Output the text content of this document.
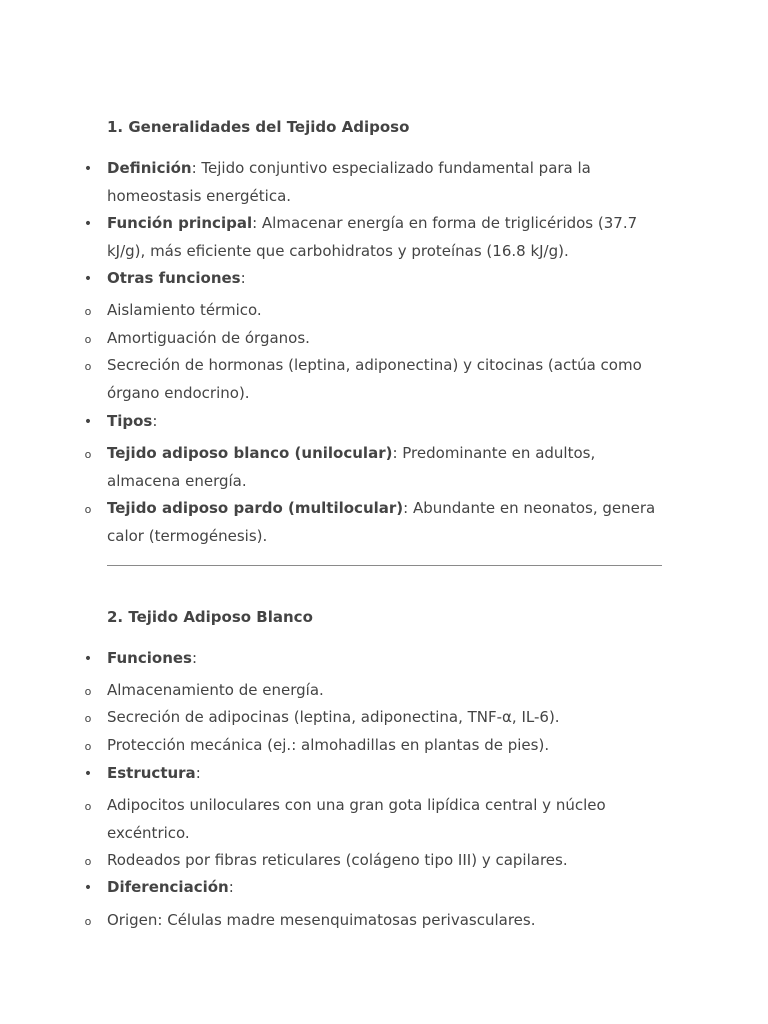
1. Generalidades del Tejido Adiposo
• Definición: Tejido conjuntivo especializado fundamental para la homeostasis energética.
• Función principal: Almacenar energía en forma de triglicéridos (37.7 kJ/g), más eficiente que carbohidratos y proteínas (16.8 kJ/g).
• Otras funciones:
o Aislamiento térmico.
o Amortiguación de órganos.
o Secreción de hormonas (leptina, adiponectina) y citocinas (actúa como órgano endocrino).
• Tipos:
o Tejido adiposo blanco (unilocular): Predominante en adultos, almacena energía.
o Tejido adiposo pardo (multilocular): Abundante en neonatos, genera calor (termogénesis).
2. Tejido Adiposo Blanco
• Funciones:
o Almacenamiento de energía.
o Secreción de adipocinas (leptina, adiponectina, TNF-α, IL-6).
o Protección mecánica (ej.: almohadillas en plantas de pies).
• Estructura:
o Adipocitos uniloculares con una gran gota lipídica central y núcleo excéntrico.
o Rodeados por fibras reticulares (colágeno tipo III) y capilares.
• Diferenciación:
o Origen: Células madre mesenquimatosas perivasculares.
